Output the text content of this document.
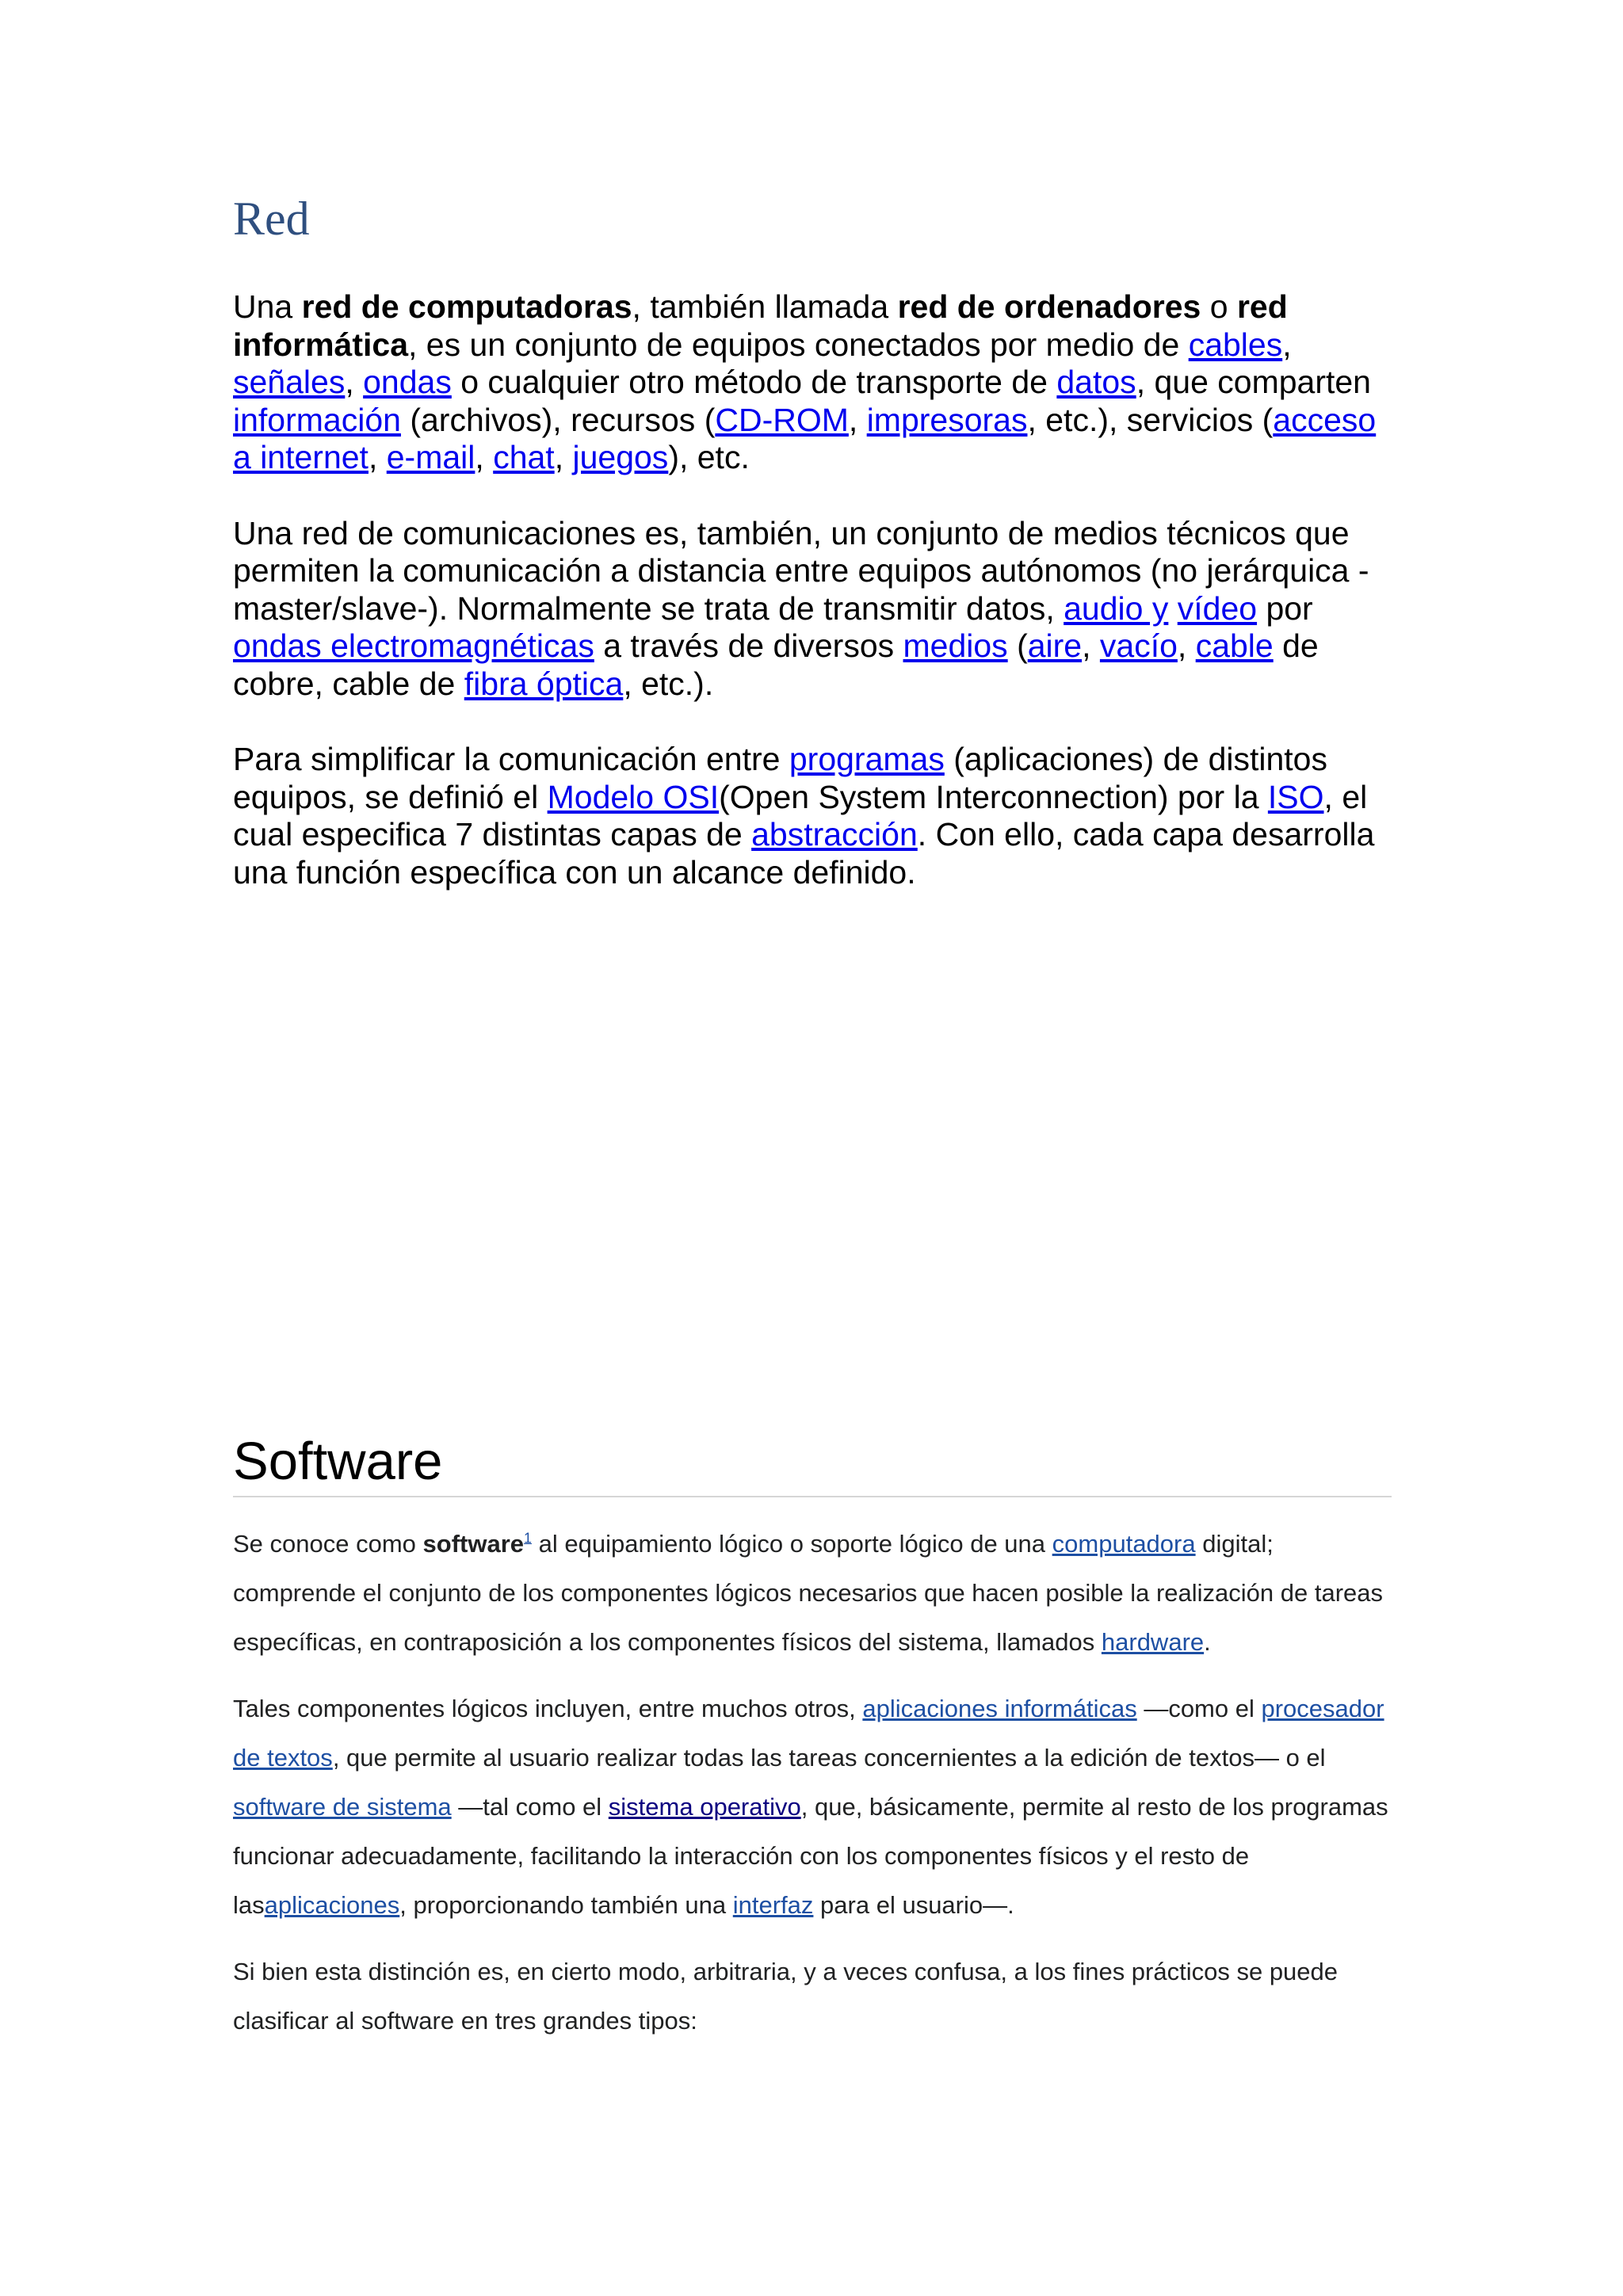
Red

Una red de computadoras, también llamada red de ordenadores o red informática, es un conjunto de equipos conectados por medio de cables, señales, ondas o cualquier otro método de transporte de datos, que comparten información (archivos), recursos (CD-ROM, impresoras, etc.), servicios (acceso a internet, e-mail, chat, juegos), etc.

Una red de comunicaciones es, también, un conjunto de medios técnicos que permiten la comunicación a distancia entre equipos autónomos (no jerárquica -master/slave-). Normalmente se trata de transmitir datos, audio y vídeo por ondas electromagnéticas a través de diversos medios (aire, vacío, cable de cobre, cable de fibra óptica, etc.).

Para simplificar la comunicación entre programas (aplicaciones) de distintos equipos, se definió el Modelo OSI(Open System Interconnection) por la ISO, el cual especifica 7 distintas capas de abstracción. Con ello, cada capa desarrolla una función específica con un alcance definido.

Software

Se conoce como software$^1$ al equipamiento lógico o soporte lógico de una computadora digital; comprende el conjunto de los componentes lógicos necesarios que hacen posible la realización de tareas específicas, en contraposición a los componentes físicos del sistema, llamados hardware.

Tales componentes lógicos incluyen, entre muchos otros, aplicaciones informáticas —como el procesador de textos, que permite al usuario realizar todas las tareas concernientes a la edición de textos— o el software de sistema —tal como el sistema operativo, que, básicamente, permite al resto de los programas funcionar adecuadamente, facilitando la interacción con los componentes físicos y el resto de lasaplicaciones, proporcionando también una interfaz para el usuario—.

Si bien esta distinción es, en cierto modo, arbitraria, y a veces confusa, a los fines prácticos se puede clasificar al software en tres grandes tipos:
